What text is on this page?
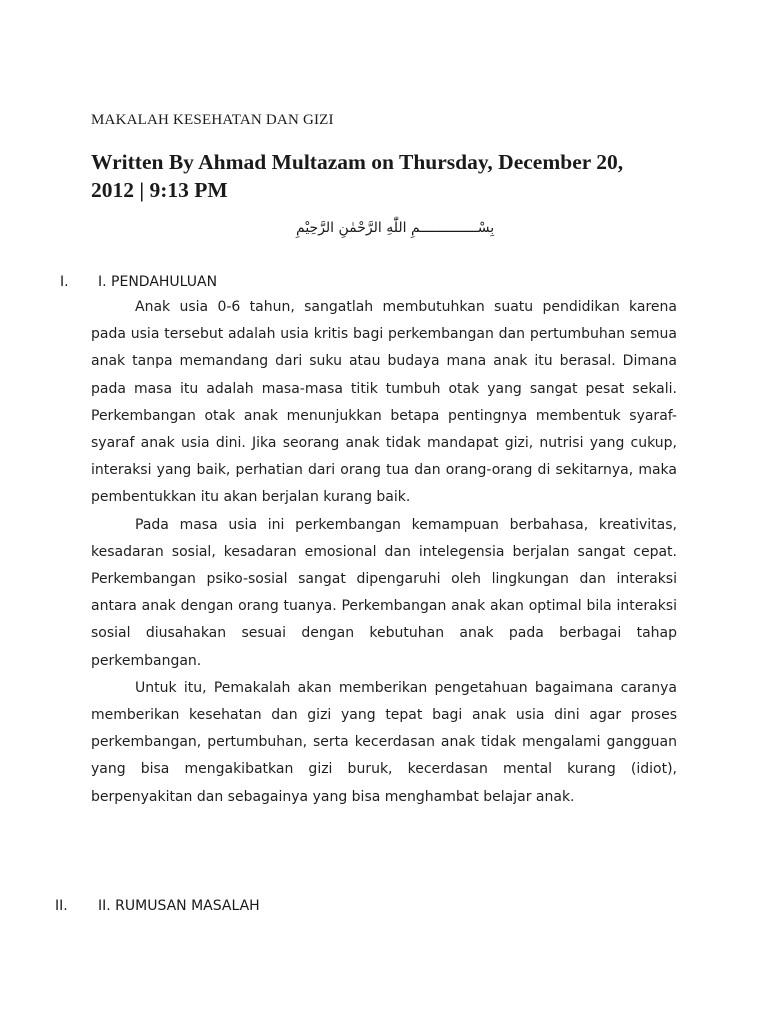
MAKALAH KESEHATAN DAN GIZI
Written By Ahmad Multazam on Thursday, December 20, 2012 | 9:13 PM
بِسْــــــــــــــمِ اللّٰهِ الرَّحْمٰنِ الرَّحِيْمِ
I. I. PENDAHULUAN

Anak usia 0-6 tahun, sangatlah membutuhkan suatu pendidikan karena pada usia tersebut adalah usia kritis bagi perkembangan dan pertumbuhan semua anak tanpa memandang dari suku atau budaya mana anak itu berasal. Dimana pada masa itu adalah masa-masa titik tumbuh otak yang sangat pesat sekali. Perkembangan otak anak menunjukkan betapa pentingnya membentuk syaraf-syaraf anak usia dini. Jika seorang anak tidak mandapat gizi, nutrisi yang cukup, interaksi yang baik, perhatian dari orang tua dan orang-orang di sekitarnya, maka pembentukkan itu akan berjalan kurang baik.

Pada masa usia ini perkembangan kemampuan berbahasa, kreativitas, kesadaran sosial, kesadaran emosional dan intelegensia berjalan sangat cepat. Perkembangan psiko-sosial sangat dipengaruhi oleh lingkungan dan interaksi antara anak dengan orang tuanya. Perkembangan anak akan optimal bila interaksi sosial diusahakan sesuai dengan kebutuhan anak pada berbagai tahap perkembangan.

Untuk itu, Pemakalah akan memberikan pengetahuan bagaimana caranya memberikan kesehatan dan gizi yang tepat bagi anak usia dini agar proses perkembangan, pertumbuhan, serta kecerdasan anak tidak mengalami gangguan yang bisa mengakibatkan gizi buruk, kecerdasan mental kurang (idiot), berpenyakitan dan sebagainya yang bisa menghambat belajar anak.

II. II. RUMUSAN MASALAH
